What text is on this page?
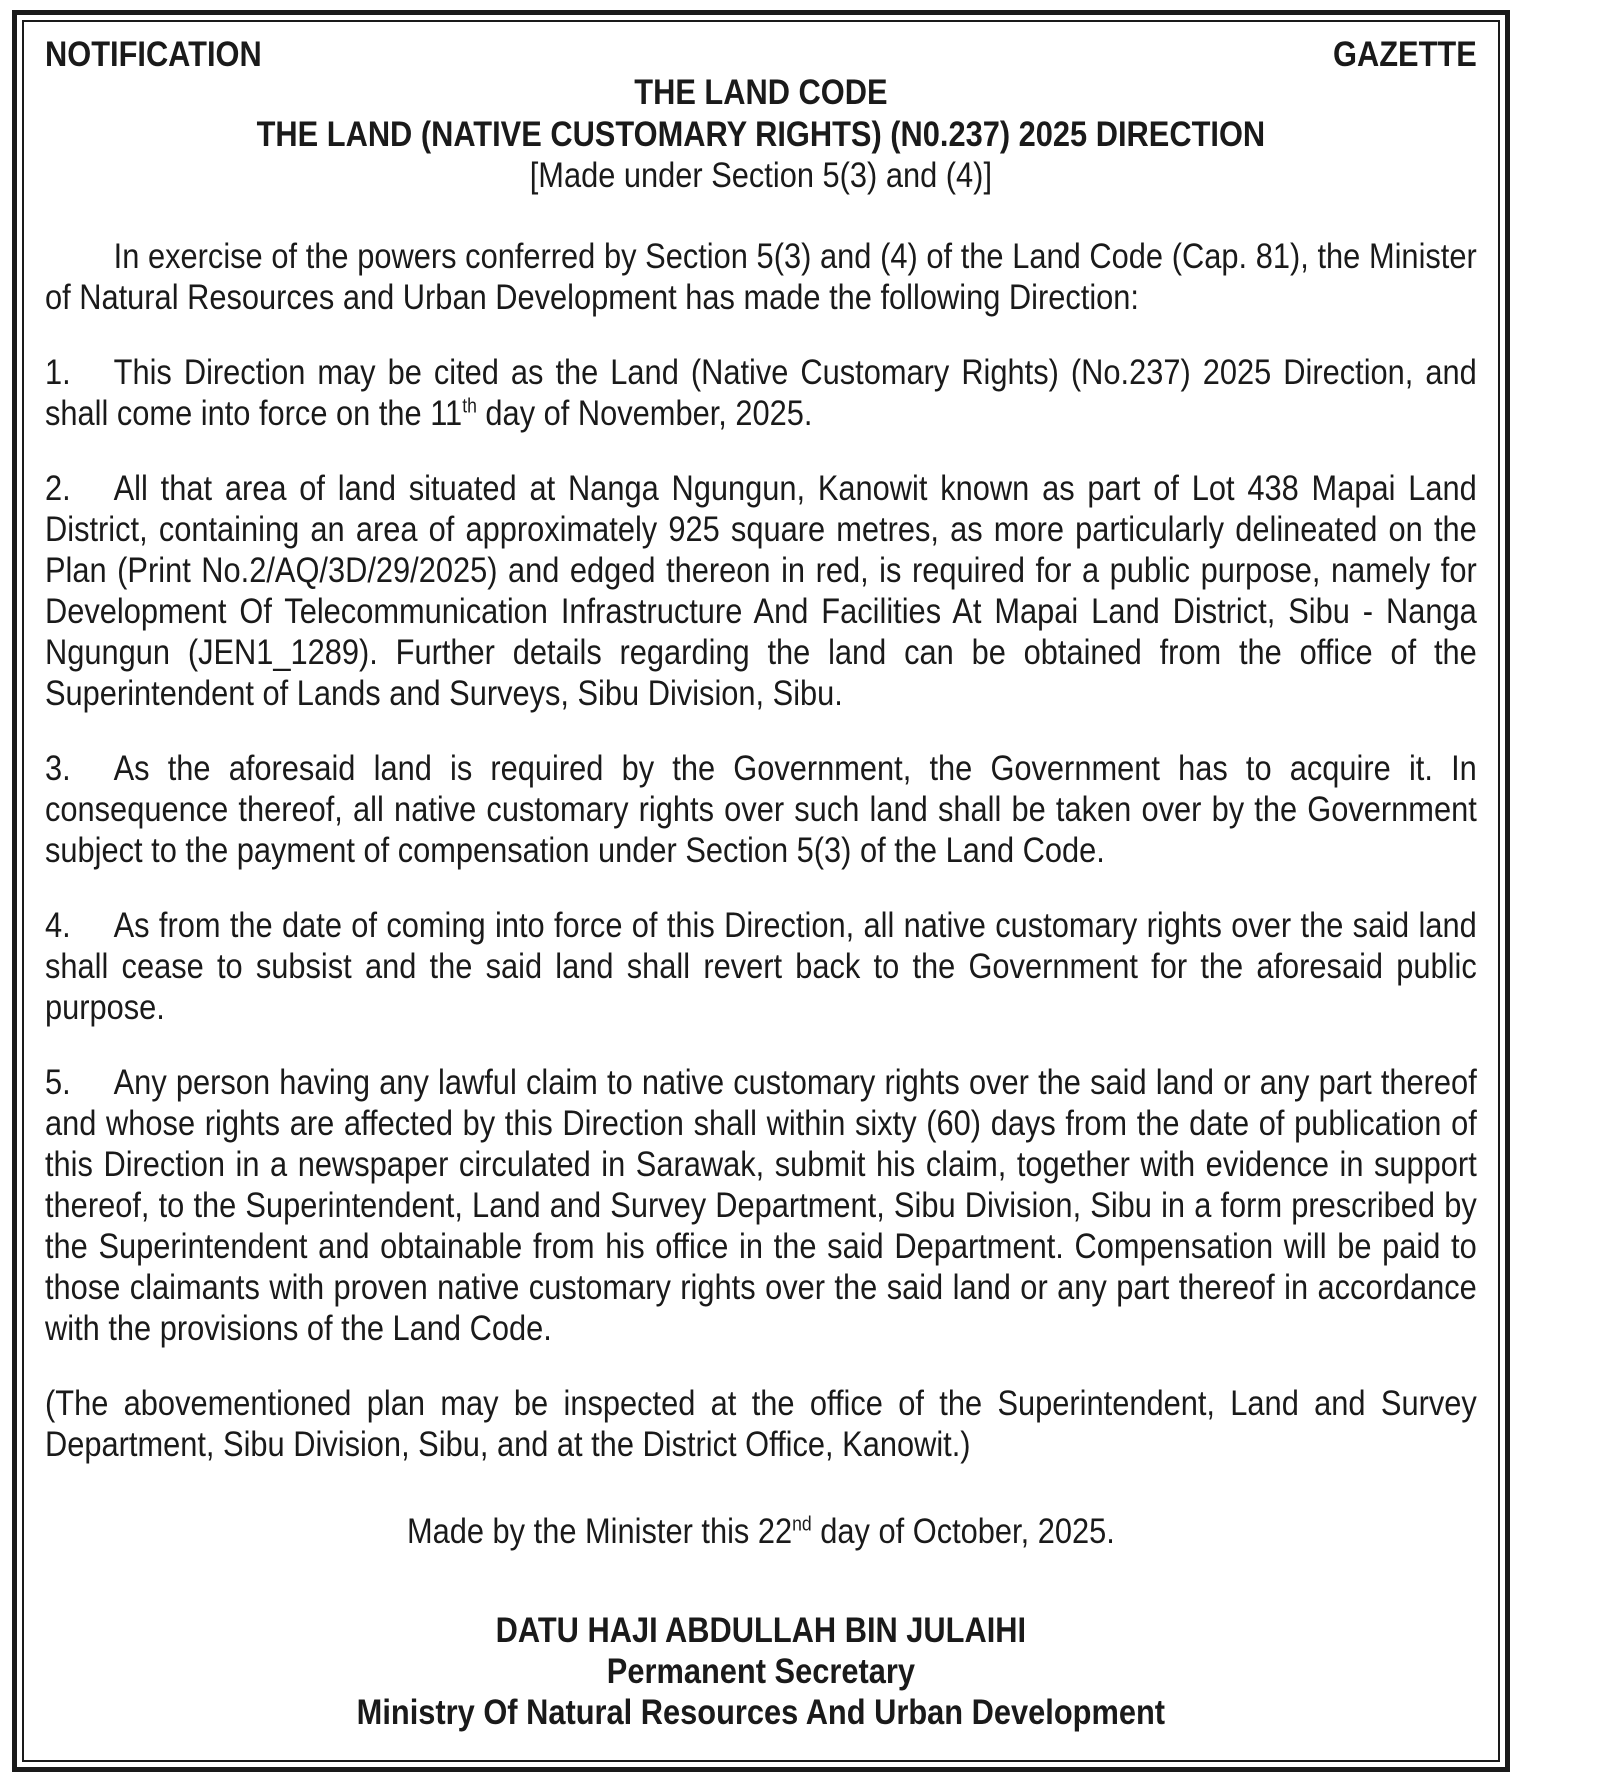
NOTIFICATION	GAZETTE
THE LAND CODE
THE LAND (NATIVE CUSTOMARY RIGHTS) (N0.237) 2025 DIRECTION
[Made under Section 5(3) and (4)]

In exercise of the powers conferred by Section 5(3) and (4) of the Land Code (Cap. 81), the Minister of Natural Resources and Urban Development has made the following Direction:

1. This Direction may be cited as the Land (Native Customary Rights) (No.237) 2025 Direction, and shall come into force on the 11th day of November, 2025.

2. All that area of land situated at Nanga Ngungun, Kanowit known as part of Lot 438 Mapai Land District, containing an area of approximately 925 square metres, as more particularly delineated on the Plan (Print No.2/AQ/3D/29/2025) and edged thereon in red, is required for a public purpose, namely for Development Of Telecommunication Infrastructure And Facilities At Mapai Land District, Sibu - Nanga Ngungun (JEN1_1289). Further details regarding the land can be obtained from the office of the Superintendent of Lands and Surveys, Sibu Division, Sibu.

3. As the aforesaid land is required by the Government, the Government has to acquire it. In consequence thereof, all native customary rights over such land shall be taken over by the Government subject to the payment of compensation under Section 5(3) of the Land Code.

4. As from the date of coming into force of this Direction, all native customary rights over the said land shall cease to subsist and the said land shall revert back to the Government for the aforesaid public purpose.

5. Any person having any lawful claim to native customary rights over the said land or any part thereof and whose rights are affected by this Direction shall within sixty (60) days from the date of publication of this Direction in a newspaper circulated in Sarawak, submit his claim, together with evidence in support thereof, to the Superintendent, Land and Survey Department, Sibu Division, Sibu in a form prescribed by the Superintendent and obtainable from his office in the said Department. Compensation will be paid to those claimants with proven native customary rights over the said land or any part thereof in accordance with the provisions of the Land Code.

(The abovementioned plan may be inspected at the office of the Superintendent, Land and Survey Department, Sibu Division, Sibu, and at the District Office, Kanowit.)

Made by the Minister this 22nd day of October, 2025.
DATU HAJI ABDULLAH BIN JULAIHI
Permanent Secretary
Ministry Of Natural Resources And Urban Development
